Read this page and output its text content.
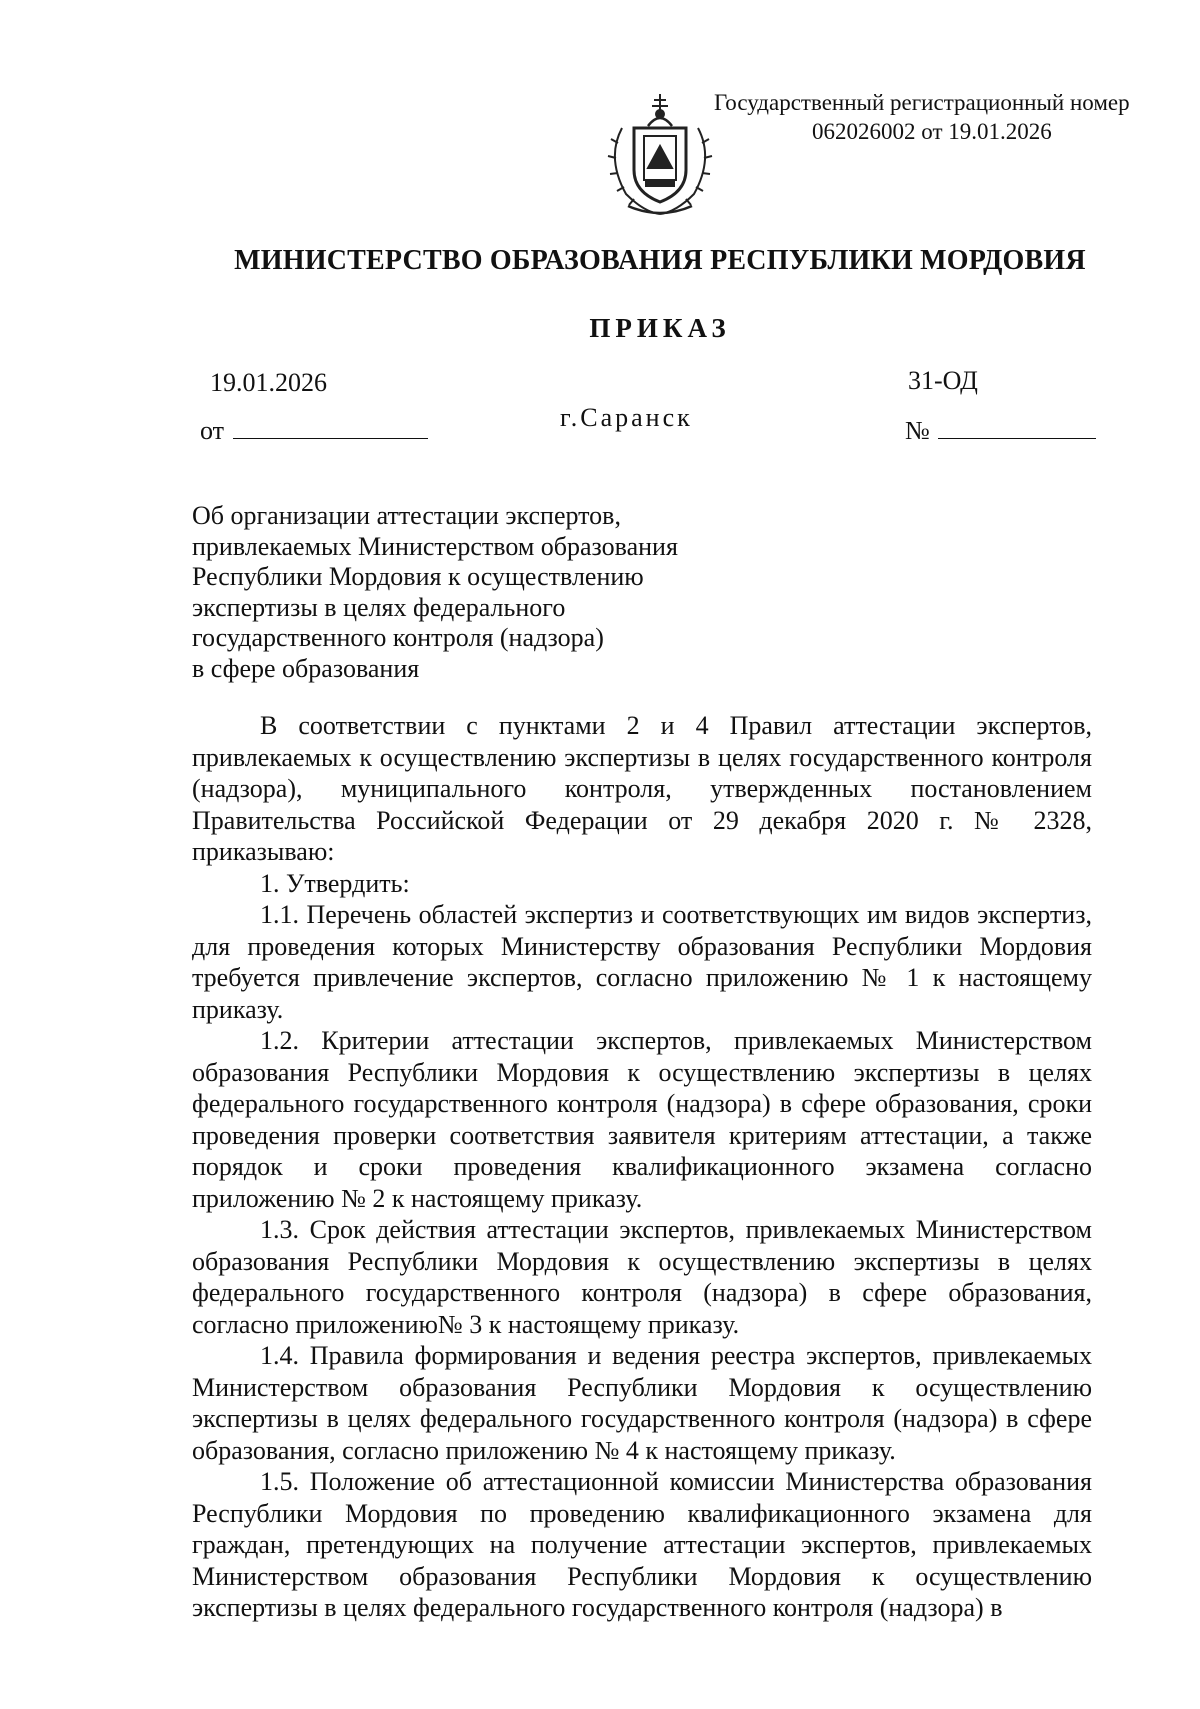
Государственный регистрационный номер
062026002 от 19.01.2026
МИНИСТЕРСТВО ОБРАЗОВАНИЯ РЕСПУБЛИКИ МОРДОВИЯ
ПРИКАЗ
19.01.2026	31-ОД
от	г.Саранск	№
Об организации аттестации экспертов,
привлекаемых Министерством образования
Республики Мордовия к осуществлению
экспертизы в целях федерального
государственного контроля (надзора)
в сфере образования

В соответствии с пунктами 2 и 4 Правил аттестации экспертов, привлекаемых к осуществлению экспертизы в целях государственного контроля (надзора), муниципального контроля, утвержденных постановлением Правительства Российской Федерации от 29 декабря 2020 г. № 2328, приказываю:

1. Утвердить:

1.1. Перечень областей экспертиз и соответствующих им видов экспертиз, для проведения которых Министерству образования Республики Мордовия требуется привлечение экспертов, согласно приложению № 1 к настоящему приказу.

1.2. Критерии аттестации экспертов, привлекаемых Министерством образования Республики Мордовия к осуществлению экспертизы в целях федерального государственного контроля (надзора) в сфере образования, сроки проведения проверки соответствия заявителя критериям аттестации, а также порядок и сроки проведения квалификационного экзамена согласно приложению № 2 к настоящему приказу.

1.3. Срок действия аттестации экспертов, привлекаемых Министерством образования Республики Мордовия к осуществлению экспертизы в целях федерального государственного контроля (надзора) в сфере образования, согласно приложению№ 3 к настоящему приказу.

1.4. Правила формирования и ведения реестра экспертов, привлекаемых Министерством образования Республики Мордовия к осуществлению экспертизы в целях федерального государственного контроля (надзора) в сфере образования, согласно приложению № 4 к настоящему приказу.

1.5. Положение об аттестационной комиссии Министерства образования Республики Мордовия по проведению квалификационного экзамена для граждан, претендующих на получение аттестации экспертов, привлекаемых Министерством образования Республики Мордовия к осуществлению экспертизы в целях федерального государственного контроля (надзора) в
